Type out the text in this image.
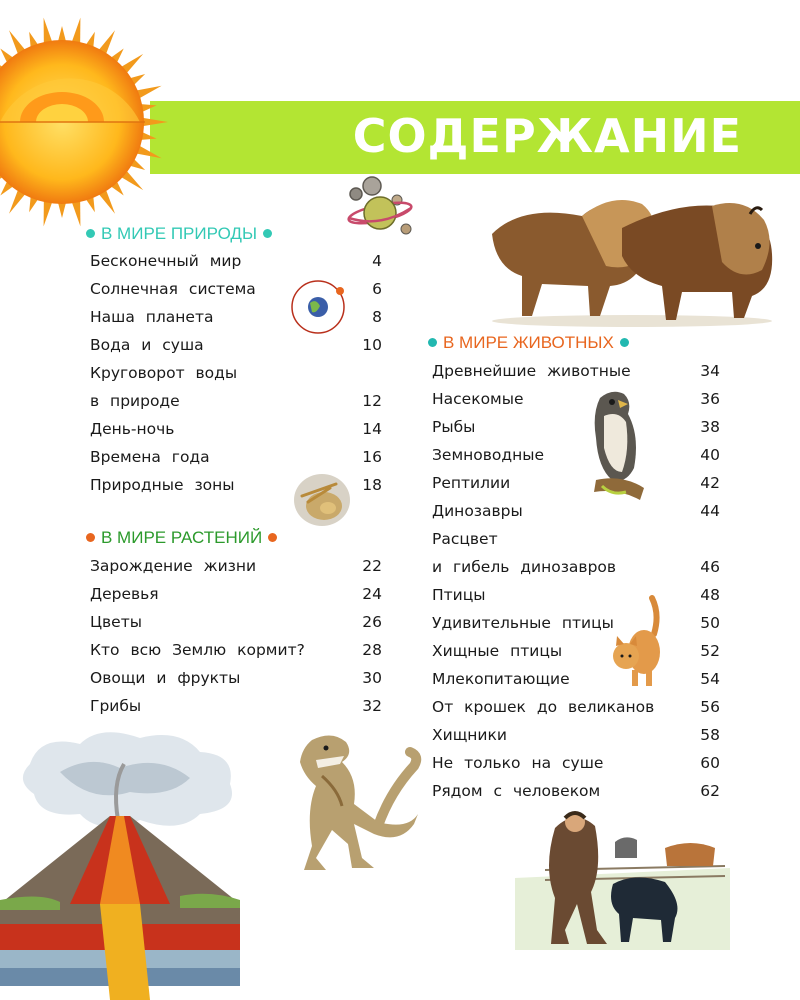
СОДЕРЖАНИЕ
В МИРЕ ПРИРОДЫ
Бесконечный мир	4
Солнечная система	6
Наша планета	8
Вода и суша	10
Круговорот воды
в природе	12
День-ночь	14
Времена года	16
Природные зоны	18
В МИРЕ РАСТЕНИЙ
Зарождение жизни	22
Деревья	24
Цветы	26
Кто всю Землю кормит?	28
Овощи и фрукты	30
Грибы	32
В МИРЕ ЖИВОТНЫХ
Древнейшие животные	34
Насекомые	36
Рыбы	38
Земноводные	40
Рептилии	42
Динозавры	44
Расцвет
и гибель динозавров	46
Птицы	48
Удивительные птицы	50
Хищные птицы	52
Млекопитающие	54
От крошек до великанов	56
Хищники	58
Не только на суше	60
Рядом с человеком	62
